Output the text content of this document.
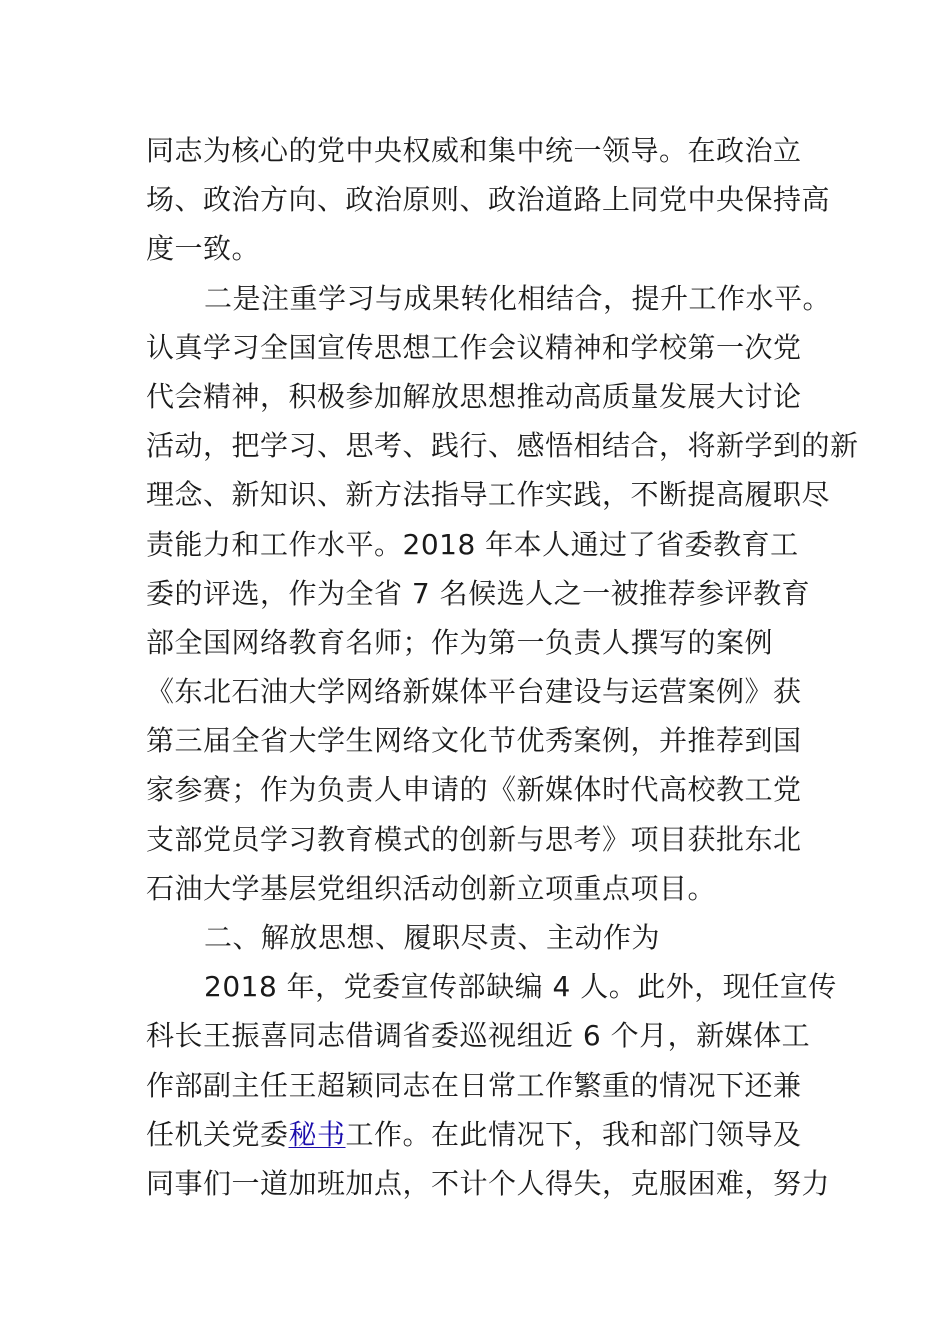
同志为核心的党中央权威和集中统一领导。在政治立
场、政治方向、政治原则、政治道路上同党中央保持高
度一致。
二是注重学习与成果转化相结合，提升工作水平。
认真学习全国宣传思想工作会议精神和学校第一次党
代会精神，积极参加解放思想推动高质量发展大讨论
活动，把学习、思考、践行、感悟相结合，将新学到的新
理念、新知识、新方法指导工作实践，不断提高履职尽
责能力和工作水平。2018 年本人通过了省委教育工
委的评选，作为全省 7 名候选人之一被推荐参评教育
部全国网络教育名师；作为第一负责人撰写的案例
《东北石油大学网络新媒体平台建设与运营案例》获
第三届全省大学生网络文化节优秀案例，并推荐到国
家参赛；作为负责人申请的《新媒体时代高校教工党
支部党员学习教育模式的创新与思考》项目获批东北
石油大学基层党组织活动创新立项重点项目。
二、解放思想、履职尽责、主动作为
2018 年，党委宣传部缺编 4 人。此外，现任宣传
科长王振喜同志借调省委巡视组近 6 个月，新媒体工
作部副主任王超颖同志在日常工作繁重的情况下还兼
任机关党委秘书工作。在此情况下，我和部门领导及
同事们一道加班加点，不计个人得失，克服困难，努力
